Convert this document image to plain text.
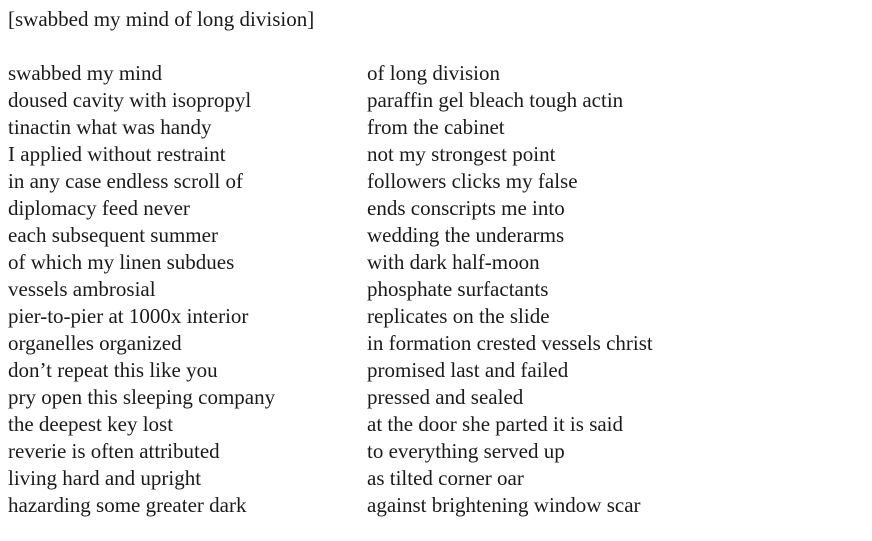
[swabbed my mind of long division]
swabbed my mind	of long division
doused cavity with isopropyl	paraffin gel bleach tough actin
tinactin what was handy	from the cabinet
I applied without restraint	not my strongest point
in any case endless scroll of	followers clicks my false
diplomacy feed never	ends conscripts me into
each subsequent summer	wedding the underarms
of which my linen subdues	with dark half-moon
vessels ambrosial	phosphate surfactants
pier-to-pier at 1000x interior	replicates on the slide
organelles organized	in formation crested vessels christ
don’t repeat this like you	promised last and failed
pry open this sleeping company	pressed and sealed
the deepest key lost	at the door she parted it is said
reverie is often attributed	to everything served up
living hard and upright	as tilted corner oar
hazarding some greater dark	against brightening window scar
